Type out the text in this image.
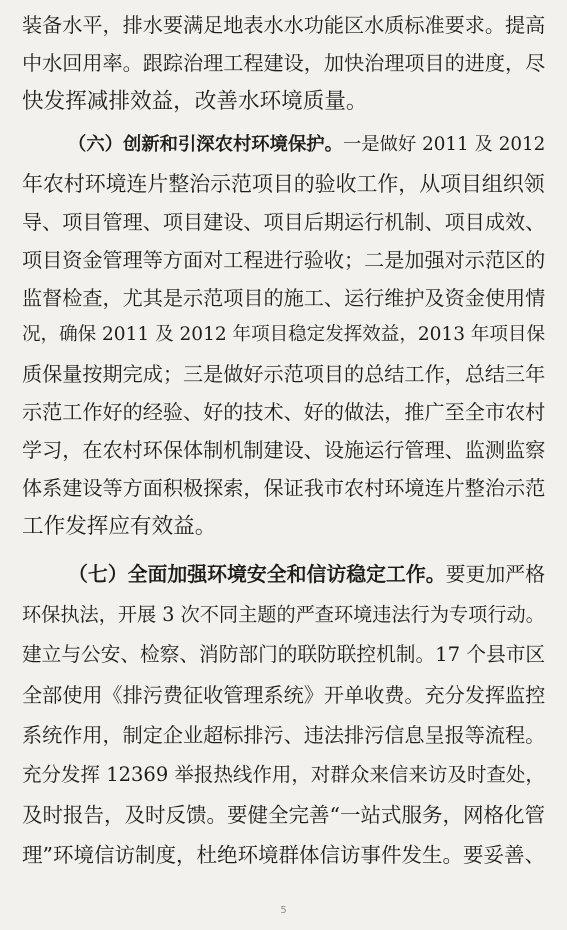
装备水平，排水要满足地表水水功能区水质标准要求。提高
中水回用率。跟踪治理工程建设，加快治理项目的进度，尽
快发挥减排效益，改善水环境质量。
（六）创新和引深农村环境保护。一是做好 2011 及 2012
年农村环境连片整治示范项目的验收工作，从项目组织领
导、项目管理、项目建设、项目后期运行机制、项目成效、
项目资金管理等方面对工程进行验收；二是加强对示范区的
监督检查，尤其是示范项目的施工、运行维护及资金使用情
况，确保 2011 及 2012 年项目稳定发挥效益，2013 年项目保
质保量按期完成；三是做好示范项目的总结工作，总结三年
示范工作好的经验、好的技术、好的做法，推广至全市农村
学习，在农村环保体制机制建设、设施运行管理、监测监察
体系建设等方面积极探索，保证我市农村环境连片整治示范
工作发挥应有效益。
（七）全面加强环境安全和信访稳定工作。要更加严格
环保执法，开展 3 次不同主题的严查环境违法行为专项行动。
建立与公安、检察、消防部门的联防联控机制。17 个县市区
全部使用《排污费征收管理系统》开单收费。充分发挥监控
系统作用，制定企业超标排污、违法排污信息呈报等流程。
充分发挥 12369 举报热线作用，对群众来信来访及时查处，
及时报告，及时反馈。要健全完善“一站式服务，网格化管
理”环境信访制度，杜绝环境群体信访事件发生。要妥善、
5
